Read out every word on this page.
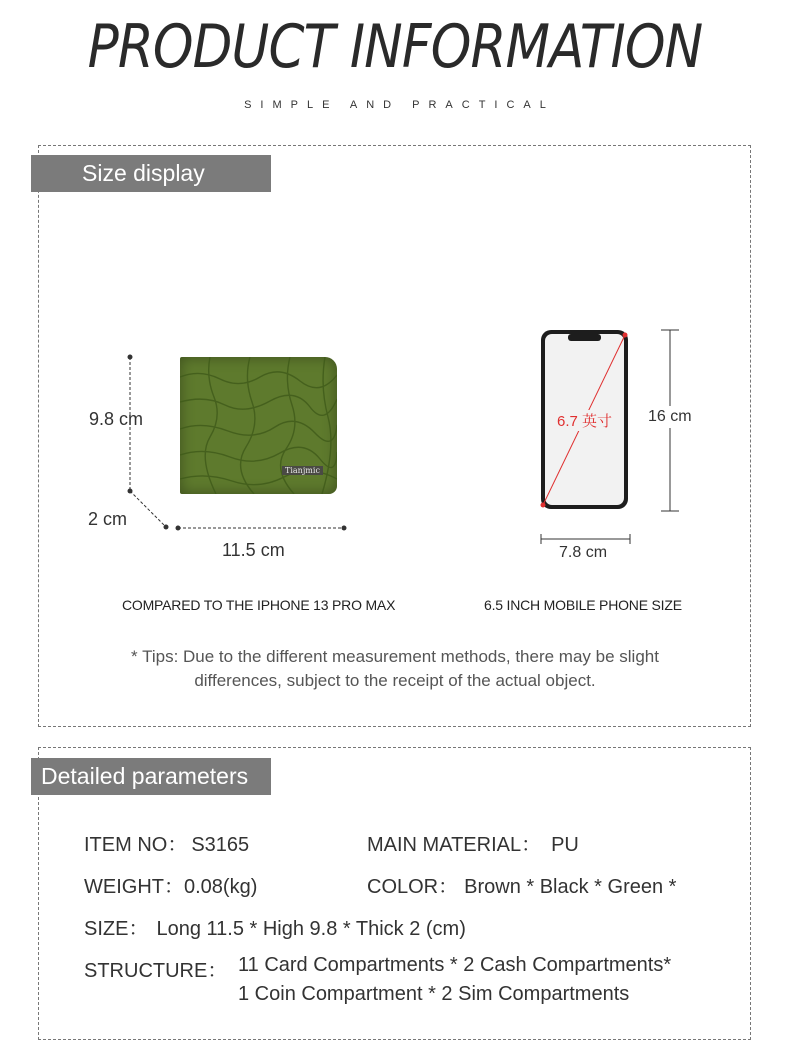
PRODUCT INFORMATION
SIMPLE AND PRACTICAL
Size display
Tianjmic
9.8 cm
2 cm
11.5 cm
6.7 英寸 16 cm
7.8 cm
COMPARED TO THE IPHONE 13 PRO MAX	6.5 INCH MOBILE PHONE SIZE
* Tips: Due to the different measurement methods, there may be slight
differences, subject to the receipt of the actual object.
Detailed parameters
ITEM NO： S3165	MAIN MATERIAL： PU
WEIGHT：0.08(kg)	COLOR： Brown * Black * Green *
SIZE： Long 11.5 * High 9.8 * Thick 2 (cm)
STRUCTURE： 11 Card Compartments * 2 Cash Compartments*
1 Coin Compartment * 2 Sim Compartments
